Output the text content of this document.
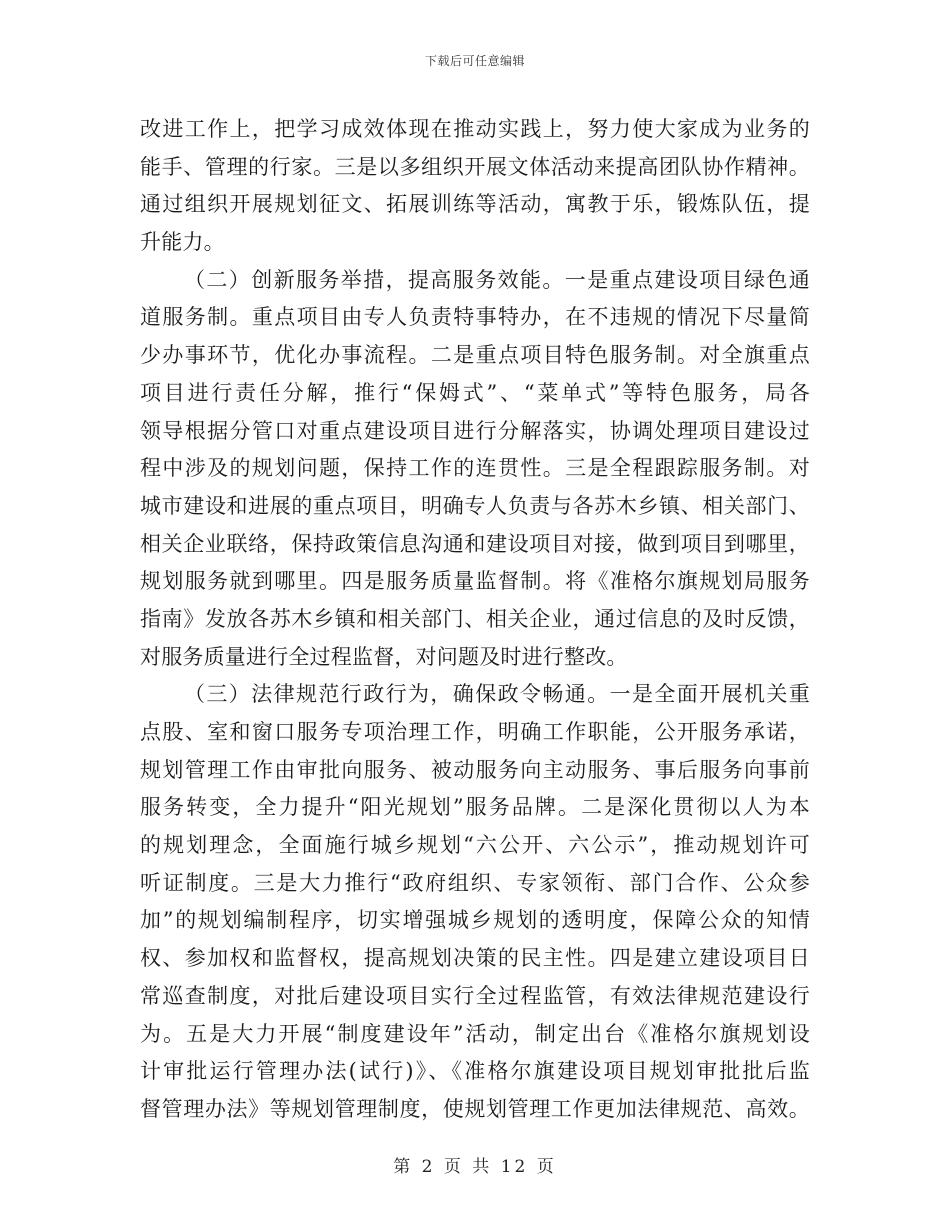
下载后可任意编辑
改进工作上，把学习成效体现在推动实践上，努力使大家成为业务的
能手、管理的行家。三是以多组织开展文体活动来提高团队协作精神。
通过组织开展规划征文、拓展训练等活动，寓教于乐，锻炼队伍，提
升能力。
（二）创新服务举措，提高服务效能。一是重点建设项目绿色通
道服务制。重点项目由专人负责特事特办，在不违规的情况下尽量简
少办事环节，优化办事流程。二是重点项目特色服务制。对全旗重点
项目进行责任分解，推行“保姆式”、“菜单式”等特色服务，局各
领导根据分管口对重点建设项目进行分解落实，协调处理项目建设过
程中涉及的规划问题，保持工作的连贯性。三是全程跟踪服务制。对
城市建设和进展的重点项目，明确专人负责与各苏木乡镇、相关部门、
相关企业联络，保持政策信息沟通和建设项目对接，做到项目到哪里，
规划服务就到哪里。四是服务质量监督制。将《准格尔旗规划局服务
指南》发放各苏木乡镇和相关部门、相关企业，通过信息的及时反馈，
对服务质量进行全过程监督，对问题及时进行整改。
（三）法律规范行政行为，确保政令畅通。一是全面开展机关重
点股、室和窗口服务专项治理工作，明确工作职能，公开服务承诺，
规划管理工作由审批向服务、被动服务向主动服务、事后服务向事前
服务转变，全力提升“阳光规划”服务品牌。二是深化贯彻以人为本
的规划理念，全面施行城乡规划“六公开、六公示”，推动规划许可
听证制度。三是大力推行“政府组织、专家领衔、部门合作、公众参
加”的规划编制程序，切实增强城乡规划的透明度，保障公众的知情
权、参加权和监督权，提高规划决策的民主性。四是建立建设项目日
常巡查制度，对批后建设项目实行全过程监管，有效法律规范建设行
为。五是大力开展“制度建设年”活动，制定出台《准格尔旗规划设
计审批运行管理办法(试行)》、《准格尔旗建设项目规划审批批后监
督管理办法》等规划管理制度，使规划管理工作更加法律规范、高效。
第 2 页 共 12 页
